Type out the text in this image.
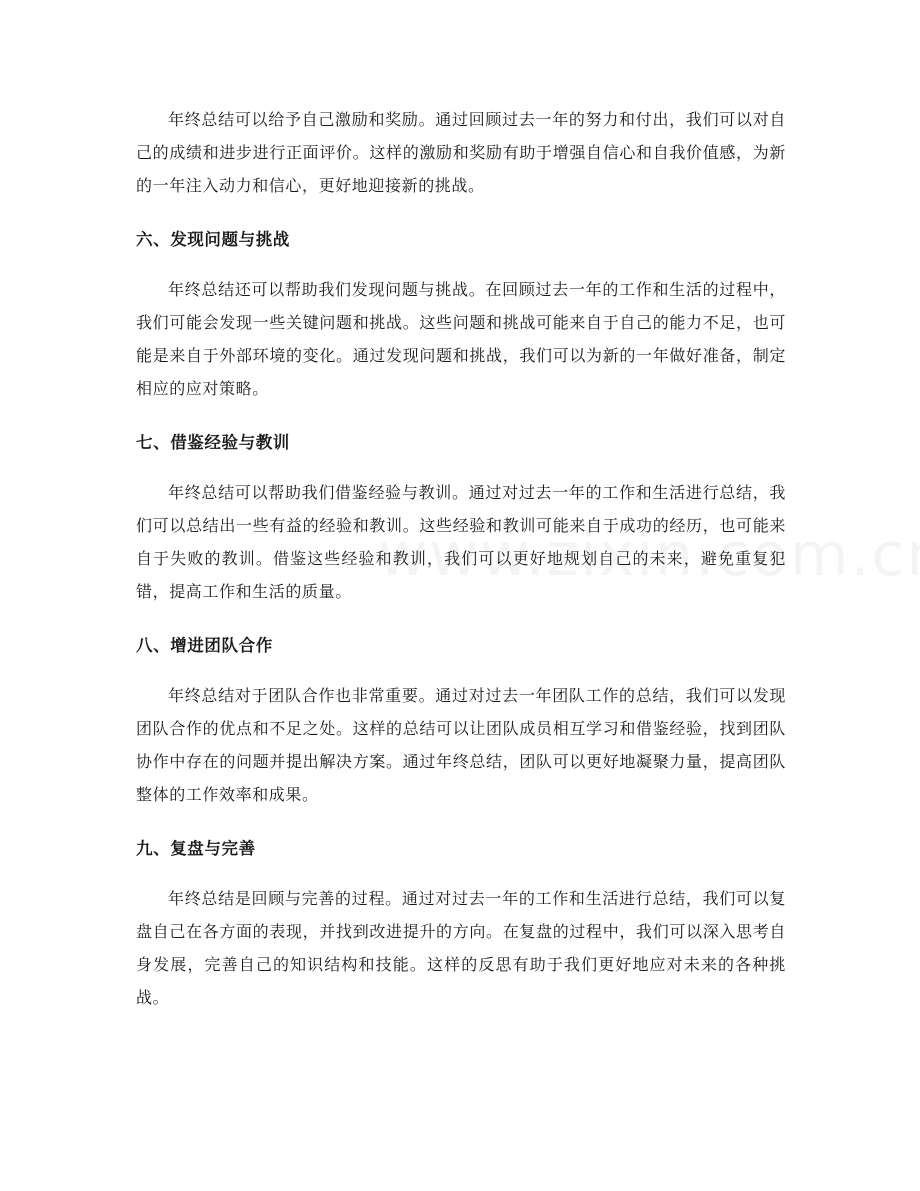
年终总结可以给予自己激励和奖励。通过回顾过去一年的努力和付出，我们可以对自己的成绩和进步进行正面评价。这样的激励和奖励有助于增强自信心和自我价值感，为新的一年注入动力和信心，更好地迎接新的挑战。

六、发现问题与挑战

年终总结还可以帮助我们发现问题与挑战。在回顾过去一年的工作和生活的过程中，我们可能会发现一些关键问题和挑战。这些问题和挑战可能来自于自己的能力不足，也可能是来自于外部环境的变化。通过发现问题和挑战，我们可以为新的一年做好准备，制定相应的应对策略。

七、借鉴经验与教训

年终总结可以帮助我们借鉴经验与教训。通过对过去一年的工作和生活进行总结，我们可以总结出一些有益的经验和教训。这些经验和教训可能来自于成功的经历，也可能来自于失败的教训。借鉴这些经验和教训，我们可以更好地规划自己的未来，避免重复犯错，提高工作和生活的质量。

八、增进团队合作

年终总结对于团队合作也非常重要。通过对过去一年团队工作的总结，我们可以发现团队合作的优点和不足之处。这样的总结可以让团队成员相互学习和借鉴经验，找到团队协作中存在的问题并提出解决方案。通过年终总结，团队可以更好地凝聚力量，提高团队整体的工作效率和成果。

九、复盘与完善

年终总结是回顾与完善的过程。通过对过去一年的工作和生活进行总结，我们可以复盘自己在各方面的表现，并找到改进提升的方向。在复盘的过程中，我们可以深入思考自身发展，完善自己的知识结构和技能。这样的反思有助于我们更好地应对未来的各种挑战。
